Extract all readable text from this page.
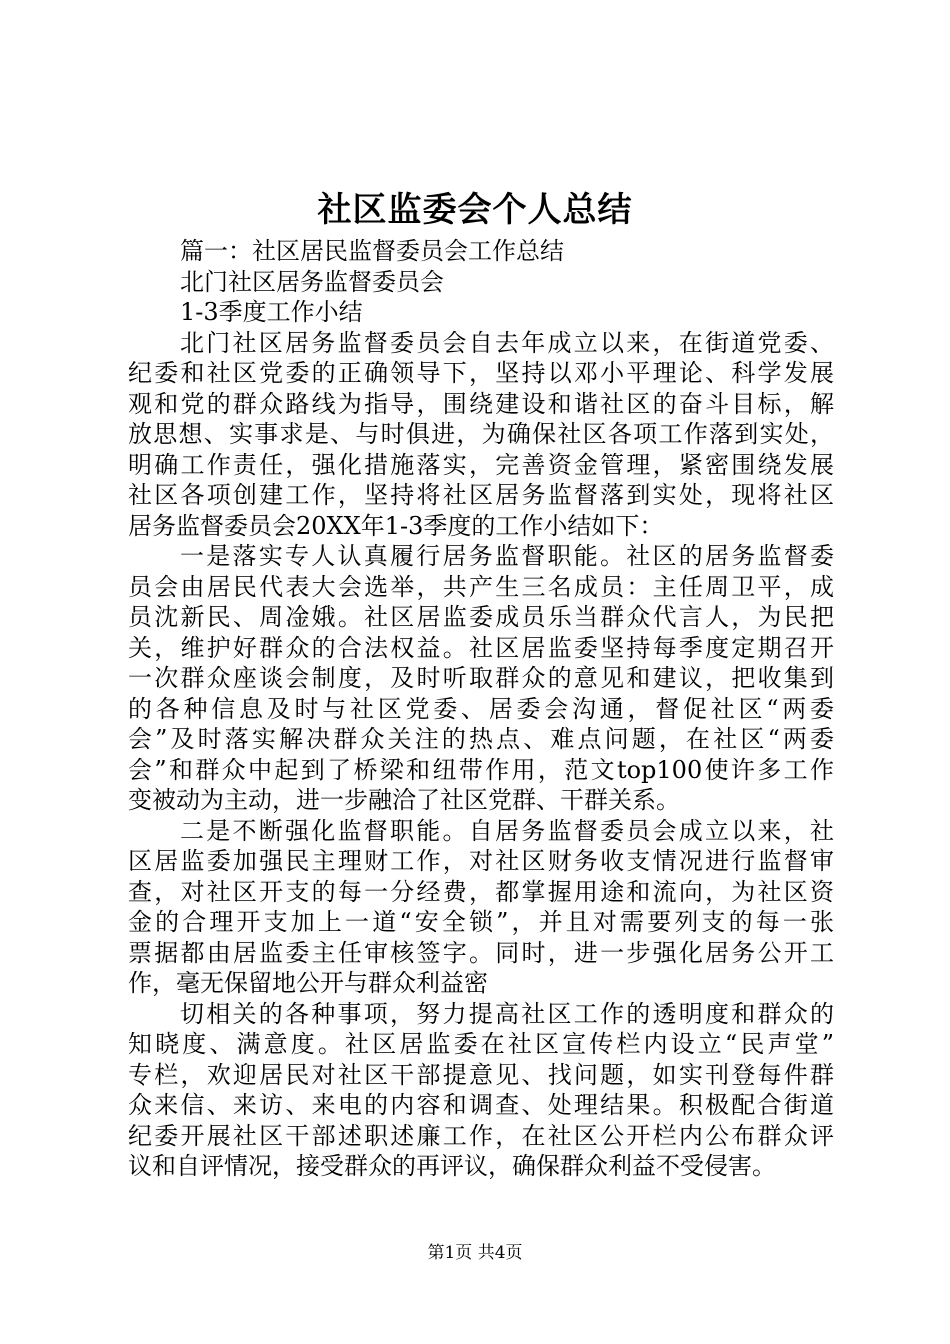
社区监委会个人总结
篇一：社区居民监督委员会工作总结
北门社区居务监督委员会
1-3季度工作小结
北门社区居务监督委员会自去年成立以来，在街道党委、
纪委和社区党委的正确领导下，坚持以邓小平理论、科学发展
观和党的群众路线为指导，围绕建设和谐社区的奋斗目标，解
放思想、实事求是、与时俱进，为确保社区各项工作落到实处，
明确工作责任，强化措施落实，完善资金管理，紧密围绕发展
社区各项创建工作，坚持将社区居务监督落到实处，现将社区
居务监督委员会20XX年1-3季度的工作小结如下：
一是落实专人认真履行居务监督职能。社区的居务监督委
员会由居民代表大会选举，共产生三名成员：主任周卫平，成
员沈新民、周凎娥。社区居监委成员乐当群众代言人，为民把
关，维护好群众的合法权益。社区居监委坚持每季度定期召开
一次群众座谈会制度，及时听取群众的意见和建议，把收集到
的各种信息及时与社区党委、居委会沟通，督促社区“两委
会”及时落实解决群众关注的热点、难点问题，在社区“两委
会”和群众中起到了桥梁和纽带作用，范文top100使许多工作
变被动为主动，进一步融洽了社区党群、干群关系。
二是不断强化监督职能。自居务监督委员会成立以来，社
区居监委加强民主理财工作，对社区财务收支情况进行监督审
查，对社区开支的每一分经费，都掌握用途和流向，为社区资
金的合理开支加上一道“安全锁”，并且对需要列支的每一张
票据都由居监委主任审核签字。同时，进一步强化居务公开工
作，毫无保留地公开与群众利益密
切相关的各种事项，努力提高社区工作的透明度和群众的
知晓度、满意度。社区居监委在社区宣传栏内设立“民声堂”
专栏，欢迎居民对社区干部提意见、找问题，如实刊登每件群
众来信、来访、来电的内容和调查、处理结果。积极配合街道
纪委开展社区干部述职述廉工作，在社区公开栏内公布群众评
议和自评情况，接受群众的再评议，确保群众利益不受侵害。
第1页 共4页
